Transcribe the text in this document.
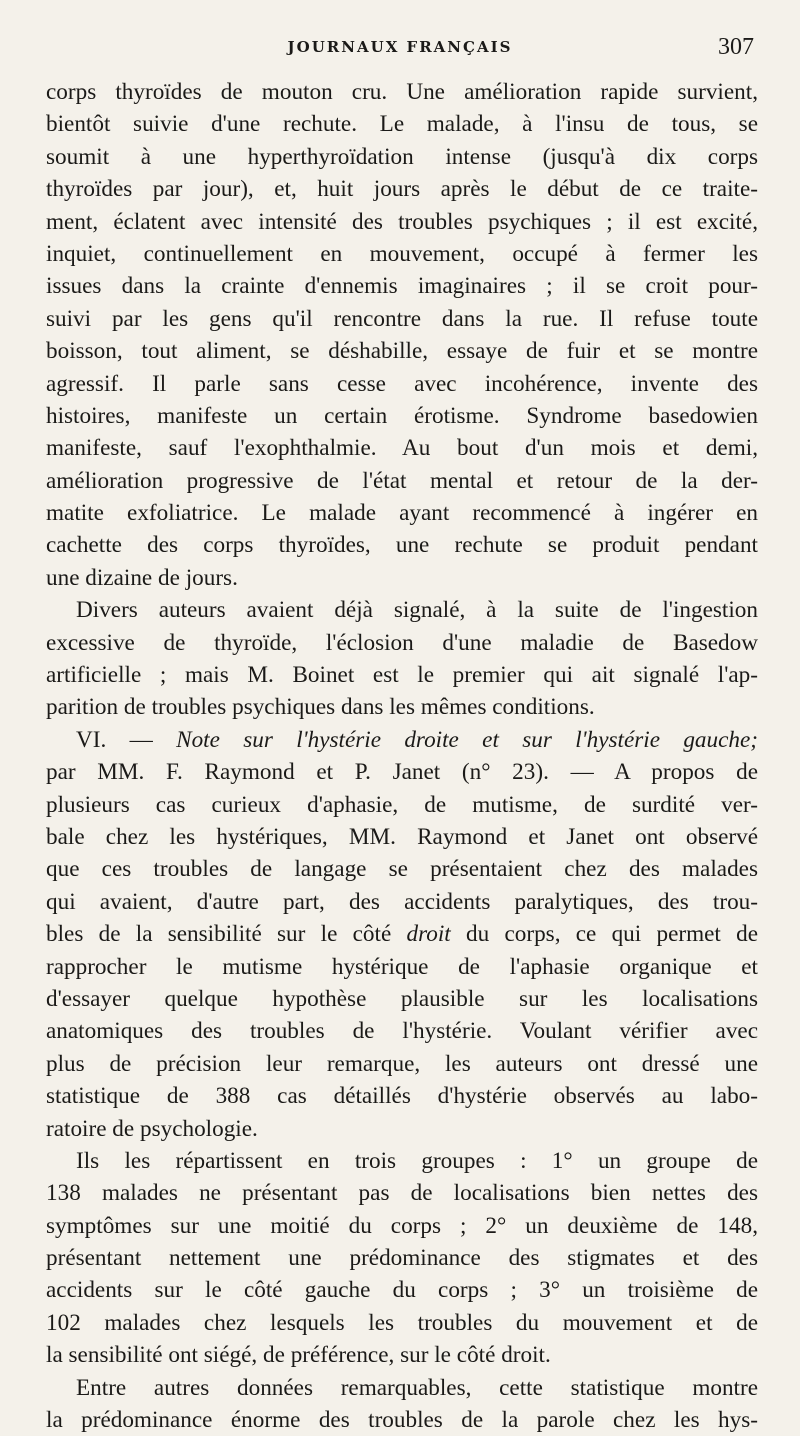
JOURNAUX FRANÇAIS	307
corps thyroïdes de mouton cru. Une amélioration rapide survient,
bientôt suivie d'une rechute. Le malade, à l'insu de tous, se
soumit à une hyperthyroïdation intense (jusqu'à dix corps
thyroïdes par jour), et, huit jours après le début de ce traite-
ment, éclatent avec intensité des troubles psychiques ; il est excité,
inquiet, continuellement en mouvement, occupé à fermer les
issues dans la crainte d'ennemis imaginaires ; il se croit pour-
suivi par les gens qu'il rencontre dans la rue. Il refuse toute
boisson, tout aliment, se déshabille, essaye de fuir et se montre
agressif. Il parle sans cesse avec incohérence, invente des
histoires, manifeste un certain érotisme. Syndrome basedowien
manifeste, sauf l'exophthalmie. Au bout d'un mois et demi,
amélioration progressive de l'état mental et retour de la der-
matite exfoliatrice. Le malade ayant recommencé à ingérer en
cachette des corps thyroïdes, une rechute se produit pendant
une dizaine de jours.
Divers auteurs avaient déjà signalé, à la suite de l'ingestion
excessive de thyroïde, l'éclosion d'une maladie de Basedow
artificielle ; mais M. Boinet est le premier qui ait signalé l'ap-
parition de troubles psychiques dans les mêmes conditions.
VI. — Note sur l'hystérie droite et sur l'hystérie gauche;
par MM. F. Raymond et P. Janet (n° 23). — A propos de
plusieurs cas curieux d'aphasie, de mutisme, de surdité ver-
bale chez les hystériques, MM. Raymond et Janet ont observé
que ces troubles de langage se présentaient chez des malades
qui avaient, d'autre part, des accidents paralytiques, des trou-
bles de la sensibilité sur le côté droit du corps, ce qui permet de
rapprocher le mutisme hystérique de l'aphasie organique et
d'essayer quelque hypothèse plausible sur les localisations
anatomiques des troubles de l'hystérie. Voulant vérifier avec
plus de précision leur remarque, les auteurs ont dressé une
statistique de 388 cas détaillés d'hystérie observés au labo-
ratoire de psychologie.
Ils les répartissent en trois groupes : 1° un groupe de
138 malades ne présentant pas de localisations bien nettes des
symptômes sur une moitié du corps ; 2° un deuxième de 148,
présentant nettement une prédominance des stigmates et des
accidents sur le côté gauche du corps ; 3° un troisième de
102 malades chez lesquels les troubles du mouvement et de
la sensibilité ont siégé, de préférence, sur le côté droit.
Entre autres données remarquables, cette statistique montre
la prédominance énorme des troubles de la parole chez les hys-
